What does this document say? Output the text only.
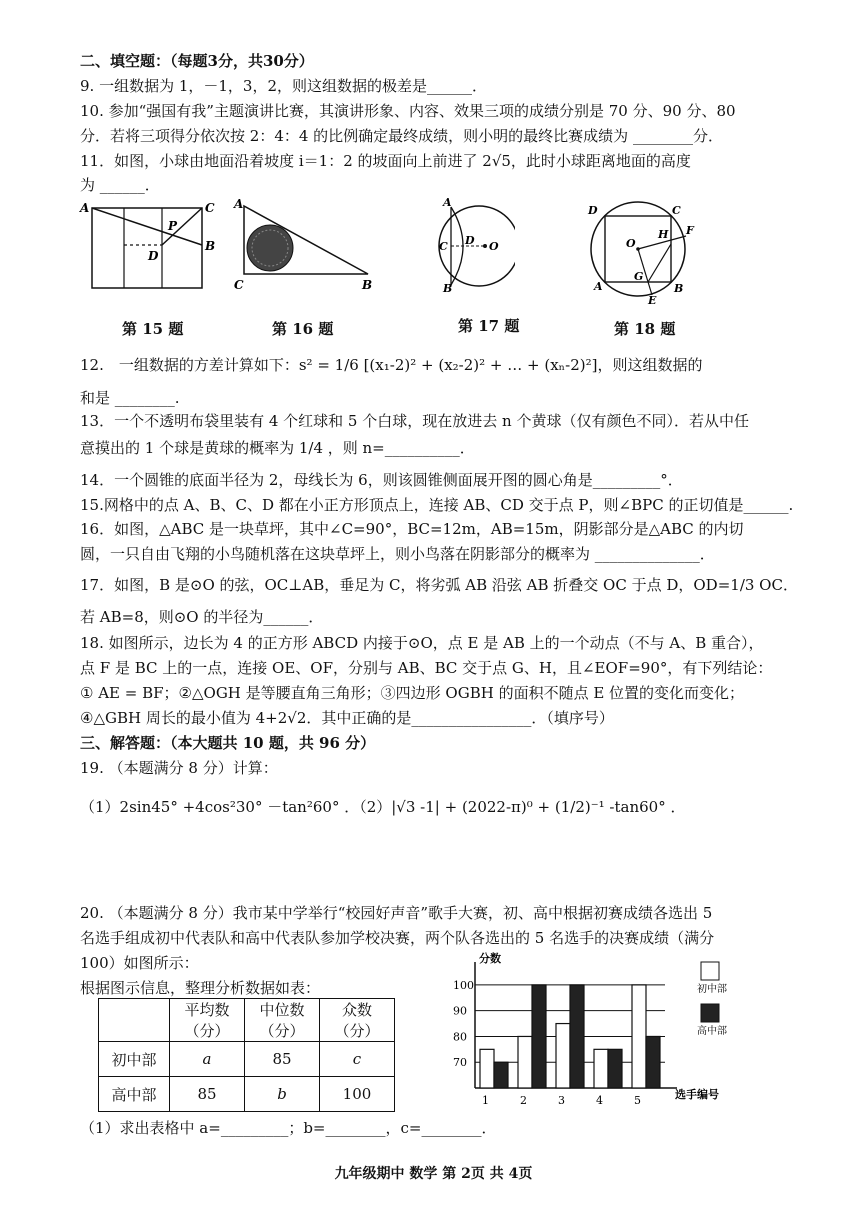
二、填空题：（每题3分，共30分）
9. 一组数据为 1，－1，3，2，则这组数据的极差是______．
10. 参加“强国有我”主题演讲比赛，其演讲形象、内容、效果三项的成绩分别是 70 分、90 分、80
分．若将三项得分依次按 2：4：4 的比例确定最终成绩，则小明的最终比赛成绩为 ________分．
11．如图，小球由地面沿着坡度 i＝1：2 的坡面向上前进了 2√5，此时小球距离地面的高度
为 ______．
A	C
P
B
D
A
C	B
A
C D O
B
D	C
H F
O
G
A	B
E
第 15 题	第 16 题	第 17 题	第 18 题
12.　一组数据的方差计算如下：s² = 1/6 [(x₁-2)² + (x₂-2)² + … + (xₙ-2)²]，则这组数据的
和是 ________.
13．一个不透明布袋里装有 4 个红球和 5 个白球，现在放进去 n 个黄球（仅有颜色不同）．若从中任
意摸出的 1 个球是黄球的概率为 1/4 ，则 n=__________．
14．一个圆锥的底面半径为 2，母线长为 6，则该圆锥侧面展开图的圆心角是_________°．
15.网格中的点 A、B、C、D 都在小正方形顶点上，连接 AB、CD 交于点 P，则∠BPC 的正切值是______.
16．如图，△ABC 是一块草坪，其中∠C=90°，BC=12m，AB=15m，阴影部分是△ABC 的内切
圆，一只自由飞翔的小鸟随机落在这块草坪上，则小鸟落在阴影部分的概率为 ______________．
17．如图，B 是⊙O 的弦，OC⊥AB，垂足为 C，将劣弧 AB 沿弦 AB 折叠交 OC 于点 D，OD=1/3 OC．
若 AB=8，则⊙O 的半径为______．
18. 如图所示，边长为 4 的正方形 ABCD 内接于⊙O，点 E 是 AB 上的一个动点（不与 A、B 重合），
点 F 是 BC 上的一点，连接 OE、OF，分别与 AB、BC 交于点 G、H，且∠EOF=90°，有下列结论：
① AE = BF；②△OGH 是等腰直角三角形；③四边形 OGBH 的面积不随点 E 位置的变化而变化；
④△GBH 周长的最小值为 4+2√2．其中正确的是________________．（填序号）
三、解答题：（本大题共 10 题，共 96 分）
19. （本题满分 8 分）计算：
（1）2sin45° +4cos²30° －tan²60° ．（2）|√3 -1| + (2022-π)⁰ + (1/2)⁻¹ -tan60° ．
20. （本题满分 8 分）我市某中学举行“校园好声音”歌手大赛，初、高中根据初赛成绩各选出 5
名选手组成初中代表队和高中代表队参加学校决赛，两个队各选出的 5 名选手的决赛成绩（满分
100）如图所示：
根据图示信息，整理分析数据如表：
	平均数（分）	中位数（分）	众数（分）
初中部	a	85	c
高中部	85	b	100
分数
选手编号
初中部
高中部
70
80
90
100
1	2	3	4	5
（1）求出表格中 a=_________；b=________，c=________．
九年级期中 数学 第 2页 共 4页
